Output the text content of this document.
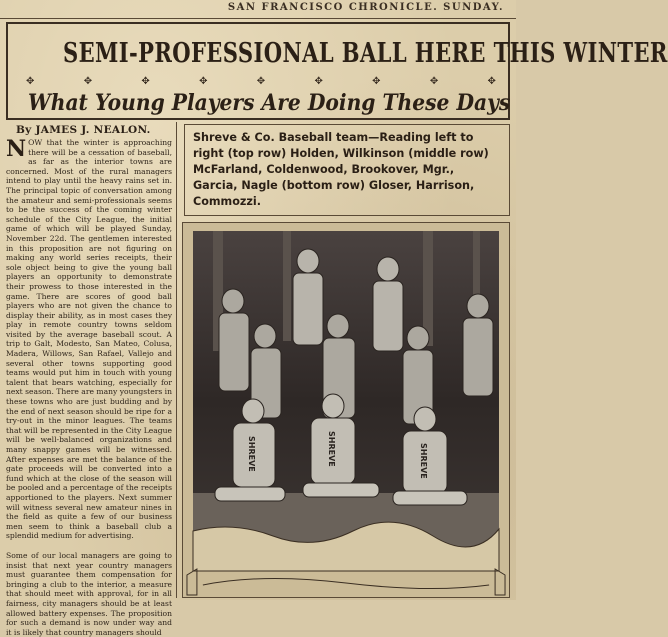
SAN FRANCISCO CHRONICLE. SUNDAY.
SEMI-PROFESSIONAL BALL HERE THIS WINTER
✥	✥	✥	✥	✥	✥	✥	✥	✥
What Young Players Are Doing These Days
By JAMES J. NEALON.

NOW that the winter is approaching there will be a cessation of baseball, as far as the interior towns are concerned. Most of the rural managers intend to play until the heavy rains set in. The principal topic of conversation among the amateur and semi-professionals seems to be the success of the coming winter schedule of the City League, the initial game of which will be played Sunday, November 22d. The gentlemen interested in this proposition are not figuring on making any world series receipts, their sole object being to give the young ball players an opportunity to demonstrate their prowess to those interested in the game. There are scores of good ball players who are not given the chance to display their ability, as in most cases they play in remote country towns seldom visited by the average baseball scout. A trip to Galt, Modesto, San Mateo, Colusa, Madera, Willows, San Rafael, Vallejo and several other towns supporting good teams would put him in touch with young talent that bears watching, especially for next season. There are many youngsters in these towns who are just budding and by the end of next season should be ripe for a try-out in the minor leagues. The teams that will be represented in the City League will be well-balanced organizations and many snappy games will be witnessed. After expenses are met the balance of the gate proceeds will be converted into a fund which at the close of the season will be pooled and a percentage of the receipts apportioned to the players. Next summer will witness several new amateur nines in the field as quite a few of our business men seem to think a baseball club a splendid medium for advertising.

Some of our local managers are going to insist that next year country managers must guarantee them compensation for bringing a club to the interior, a measure that should meet with approval, for in all fairness, city managers should be at least allowed battery expenses. The proposition for such a demand is now under way and it is likely that country managers should

Shreve & Co. Baseball team—Reading left to right (top row) Holden, Wilkinson (middle row) McFarland, Coldenwood, Brookover, Mgr., Garcia, Nagle (bottom row) Gloser, Harrison, Commozzi.
SHREVE	SHREVE	SHREVE
